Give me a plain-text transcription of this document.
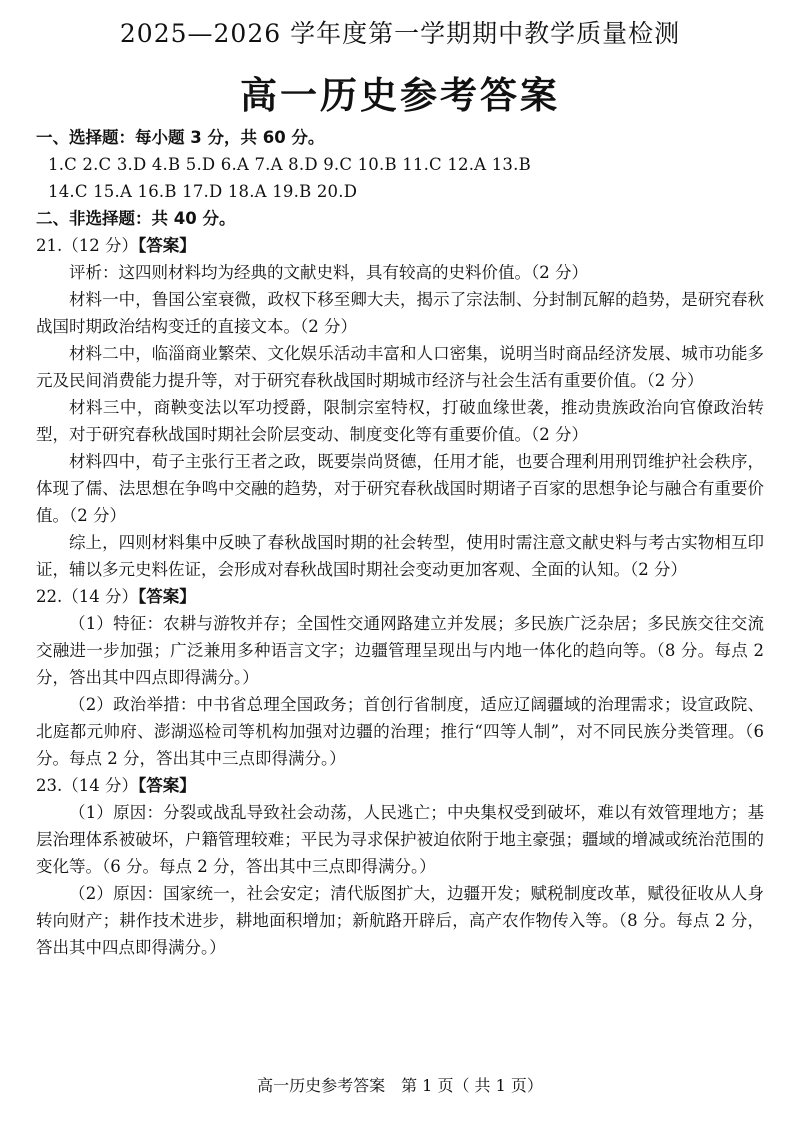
2025—2026 学年度第一学期期中教学质量检测
高一历史参考答案
一、选择题：每小题 3 分，共 60 分。
1.C 2.C 3.D 4.B 5.D 6.A 7.A 8.D 9.C 10.B 11.C 12.A 13.B
14.C 15.A 16.B 17.D 18.A 19.B 20.D
二、非选择题：共 40 分。
21.（12 分）【答案】
评析：这四则材料均为经典的文献史料，具有较高的史料价值。（2 分）
材料一中，鲁国公室衰微，政权下移至卿大夫，揭示了宗法制、分封制瓦解的趋势，是研究春秋战国时期政治结构变迁的直接文本。（2 分）
材料二中，临淄商业繁荣、文化娱乐活动丰富和人口密集，说明当时商品经济发展、城市功能多元及民间消费能力提升等，对于研究春秋战国时期城市经济与社会生活有重要价值。（2 分）
材料三中，商鞅变法以军功授爵，限制宗室特权，打破血缘世袭，推动贵族政治向官僚政治转型，对于研究春秋战国时期社会阶层变动、制度变化等有重要价值。（2 分）
材料四中，荀子主张行王者之政，既要崇尚贤德，任用才能，也要合理利用刑罚维护社会秩序，体现了儒、法思想在争鸣中交融的趋势，对于研究春秋战国时期诸子百家的思想争论与融合有重要价值。（2 分）
综上，四则材料集中反映了春秋战国时期的社会转型，使用时需注意文献史料与考古实物相互印证，辅以多元史料佐证，会形成对春秋战国时期社会变动更加客观、全面的认知。（2 分）
22.（14 分）【答案】
（1）特征：农耕与游牧并存；全国性交通网路建立并发展；多民族广泛杂居；多民族交往交流交融进一步加强；广泛兼用多种语言文字；边疆管理呈现出与内地一体化的趋向等。（8 分。每点 2 分，答出其中四点即得满分。）
（2）政治举措：中书省总理全国政务；首创行省制度，适应辽阔疆域的治理需求；设宣政院、北庭都元帅府、澎湖巡检司等机构加强对边疆的治理；推行“四等人制”，对不同民族分类管理。（6 分。每点 2 分，答出其中三点即得满分。）
23.（14 分）【答案】
（1）原因：分裂或战乱导致社会动荡，人民逃亡；中央集权受到破坏，难以有效管理地方；基层治理体系被破坏，户籍管理较难；平民为寻求保护被迫依附于地主豪强；疆域的增减或统治范围的变化等。（6 分。每点 2 分，答出其中三点即得满分。）
（2）原因：国家统一，社会安定；清代版图扩大，边疆开发；赋税制度改革，赋役征收从人身转向财产；耕作技术进步，耕地面积增加；新航路开辟后，高产农作物传入等。（8 分。每点 2 分，答出其中四点即得满分。）
高一历史参考答案　第 1 页（ 共 1 页）
